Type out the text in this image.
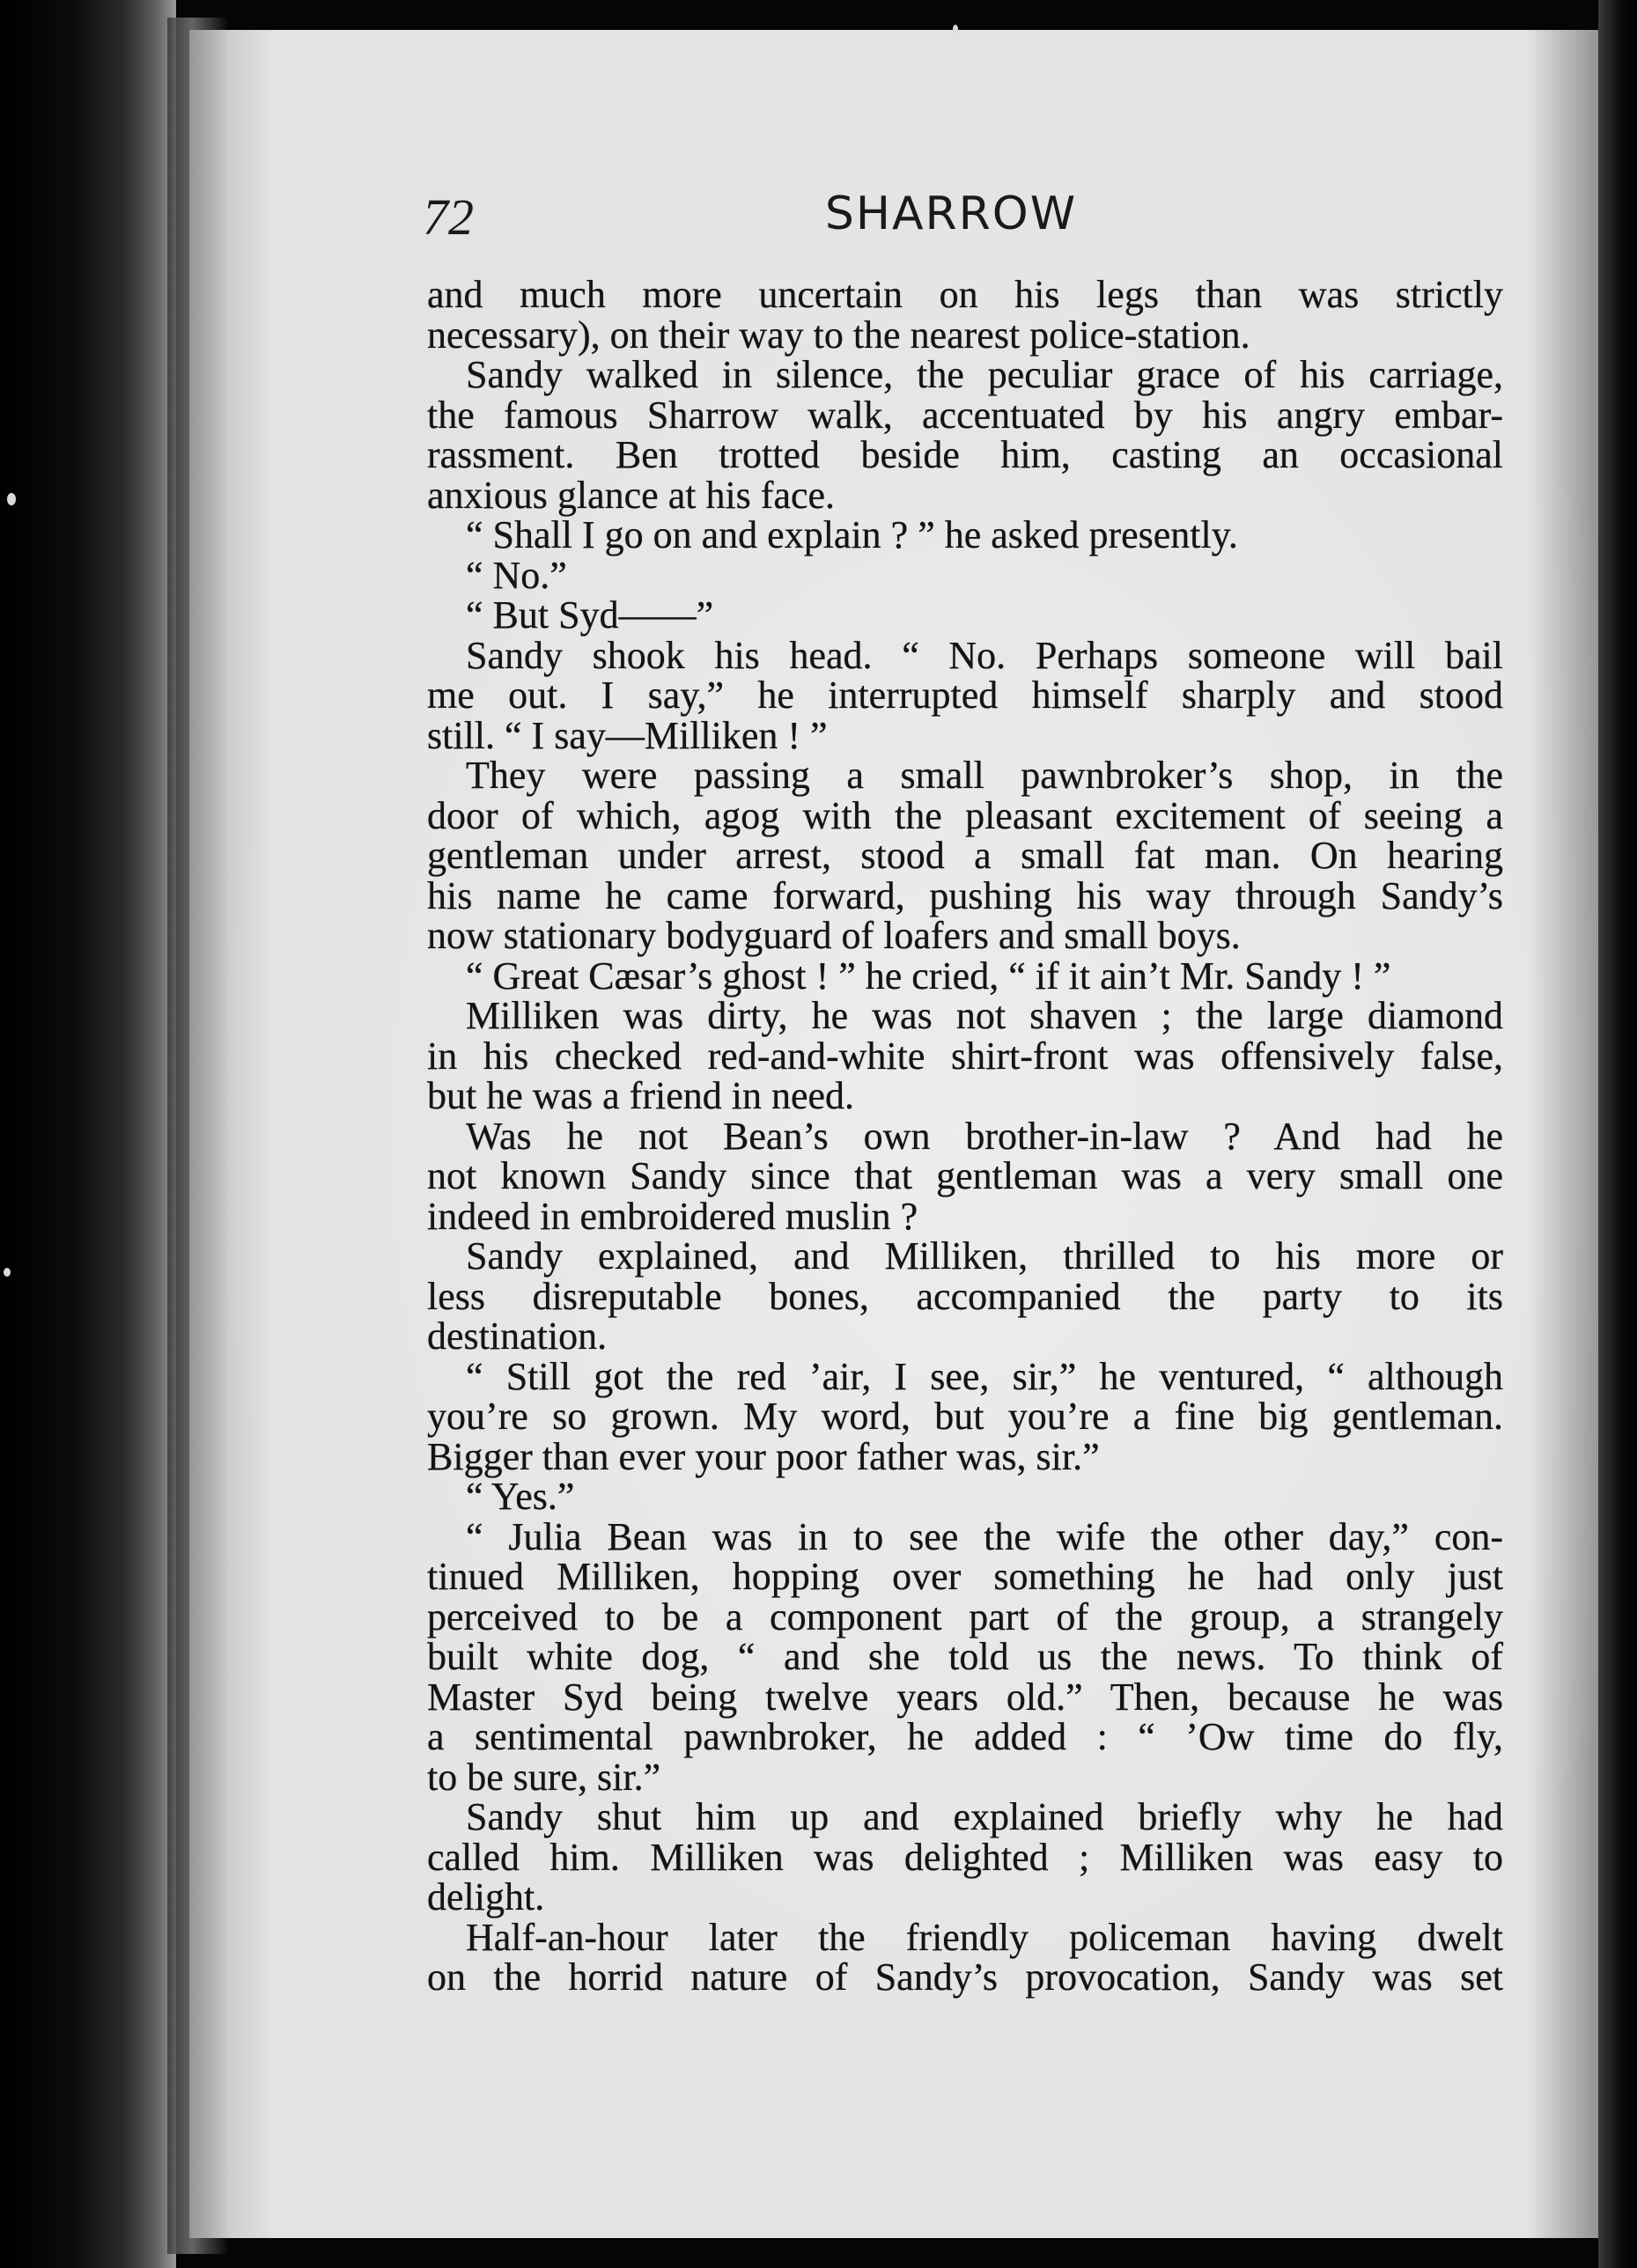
72	SHARROW
and much more uncertain on his legs than was strictly
necessary), on their way to the nearest police-station.
Sandy walked in silence, the peculiar grace of his carriage,
the famous Sharrow walk, accentuated by his angry embar-
rassment. Ben trotted beside him, casting an occasional
anxious glance at his face.
“ Shall I go on and explain ? ” he asked presently.
“ No.”
“ But Syd——”
Sandy shook his head. “ No. Perhaps someone will bail
me out. I say,” he interrupted himself sharply and stood
still. “ I say—Milliken ! ”
They were passing a small pawnbroker’s shop, in the
door of which, agog with the pleasant excitement of seeing a
gentleman under arrest, stood a small fat man. On hearing
his name he came forward, pushing his way through Sandy’s
now stationary bodyguard of loafers and small boys.
“ Great Cæsar’s ghost ! ” he cried, “ if it ain’t Mr. Sandy ! ”
Milliken was dirty, he was not shaven ; the large diamond
in his checked red-and-white shirt-front was offensively false,
but he was a friend in need.
Was he not Bean’s own brother-in-law ? And had he
not known Sandy since that gentleman was a very small one
indeed in embroidered muslin ?
Sandy explained, and Milliken, thrilled to his more or
less disreputable bones, accompanied the party to its
destination.
“ Still got the red ’air, I see, sir,” he ventured, “ although
you’re so grown. My word, but you’re a fine big gentleman.
Bigger than ever your poor father was, sir.”
“ Yes.”
“ Julia Bean was in to see the wife the other day,” con-
tinued Milliken, hopping over something he had only just
perceived to be a component part of the group, a strangely
built white dog, “ and she told us the news. To think of
Master Syd being twelve years old.” Then, because he was
a sentimental pawnbroker, he added : “ ’Ow time do fly,
to be sure, sir.”
Sandy shut him up and explained briefly why he had
called him. Milliken was delighted ; Milliken was easy to
delight.
Half-an-hour later the friendly policeman having dwelt
on the horrid nature of Sandy’s provocation, Sandy was set
